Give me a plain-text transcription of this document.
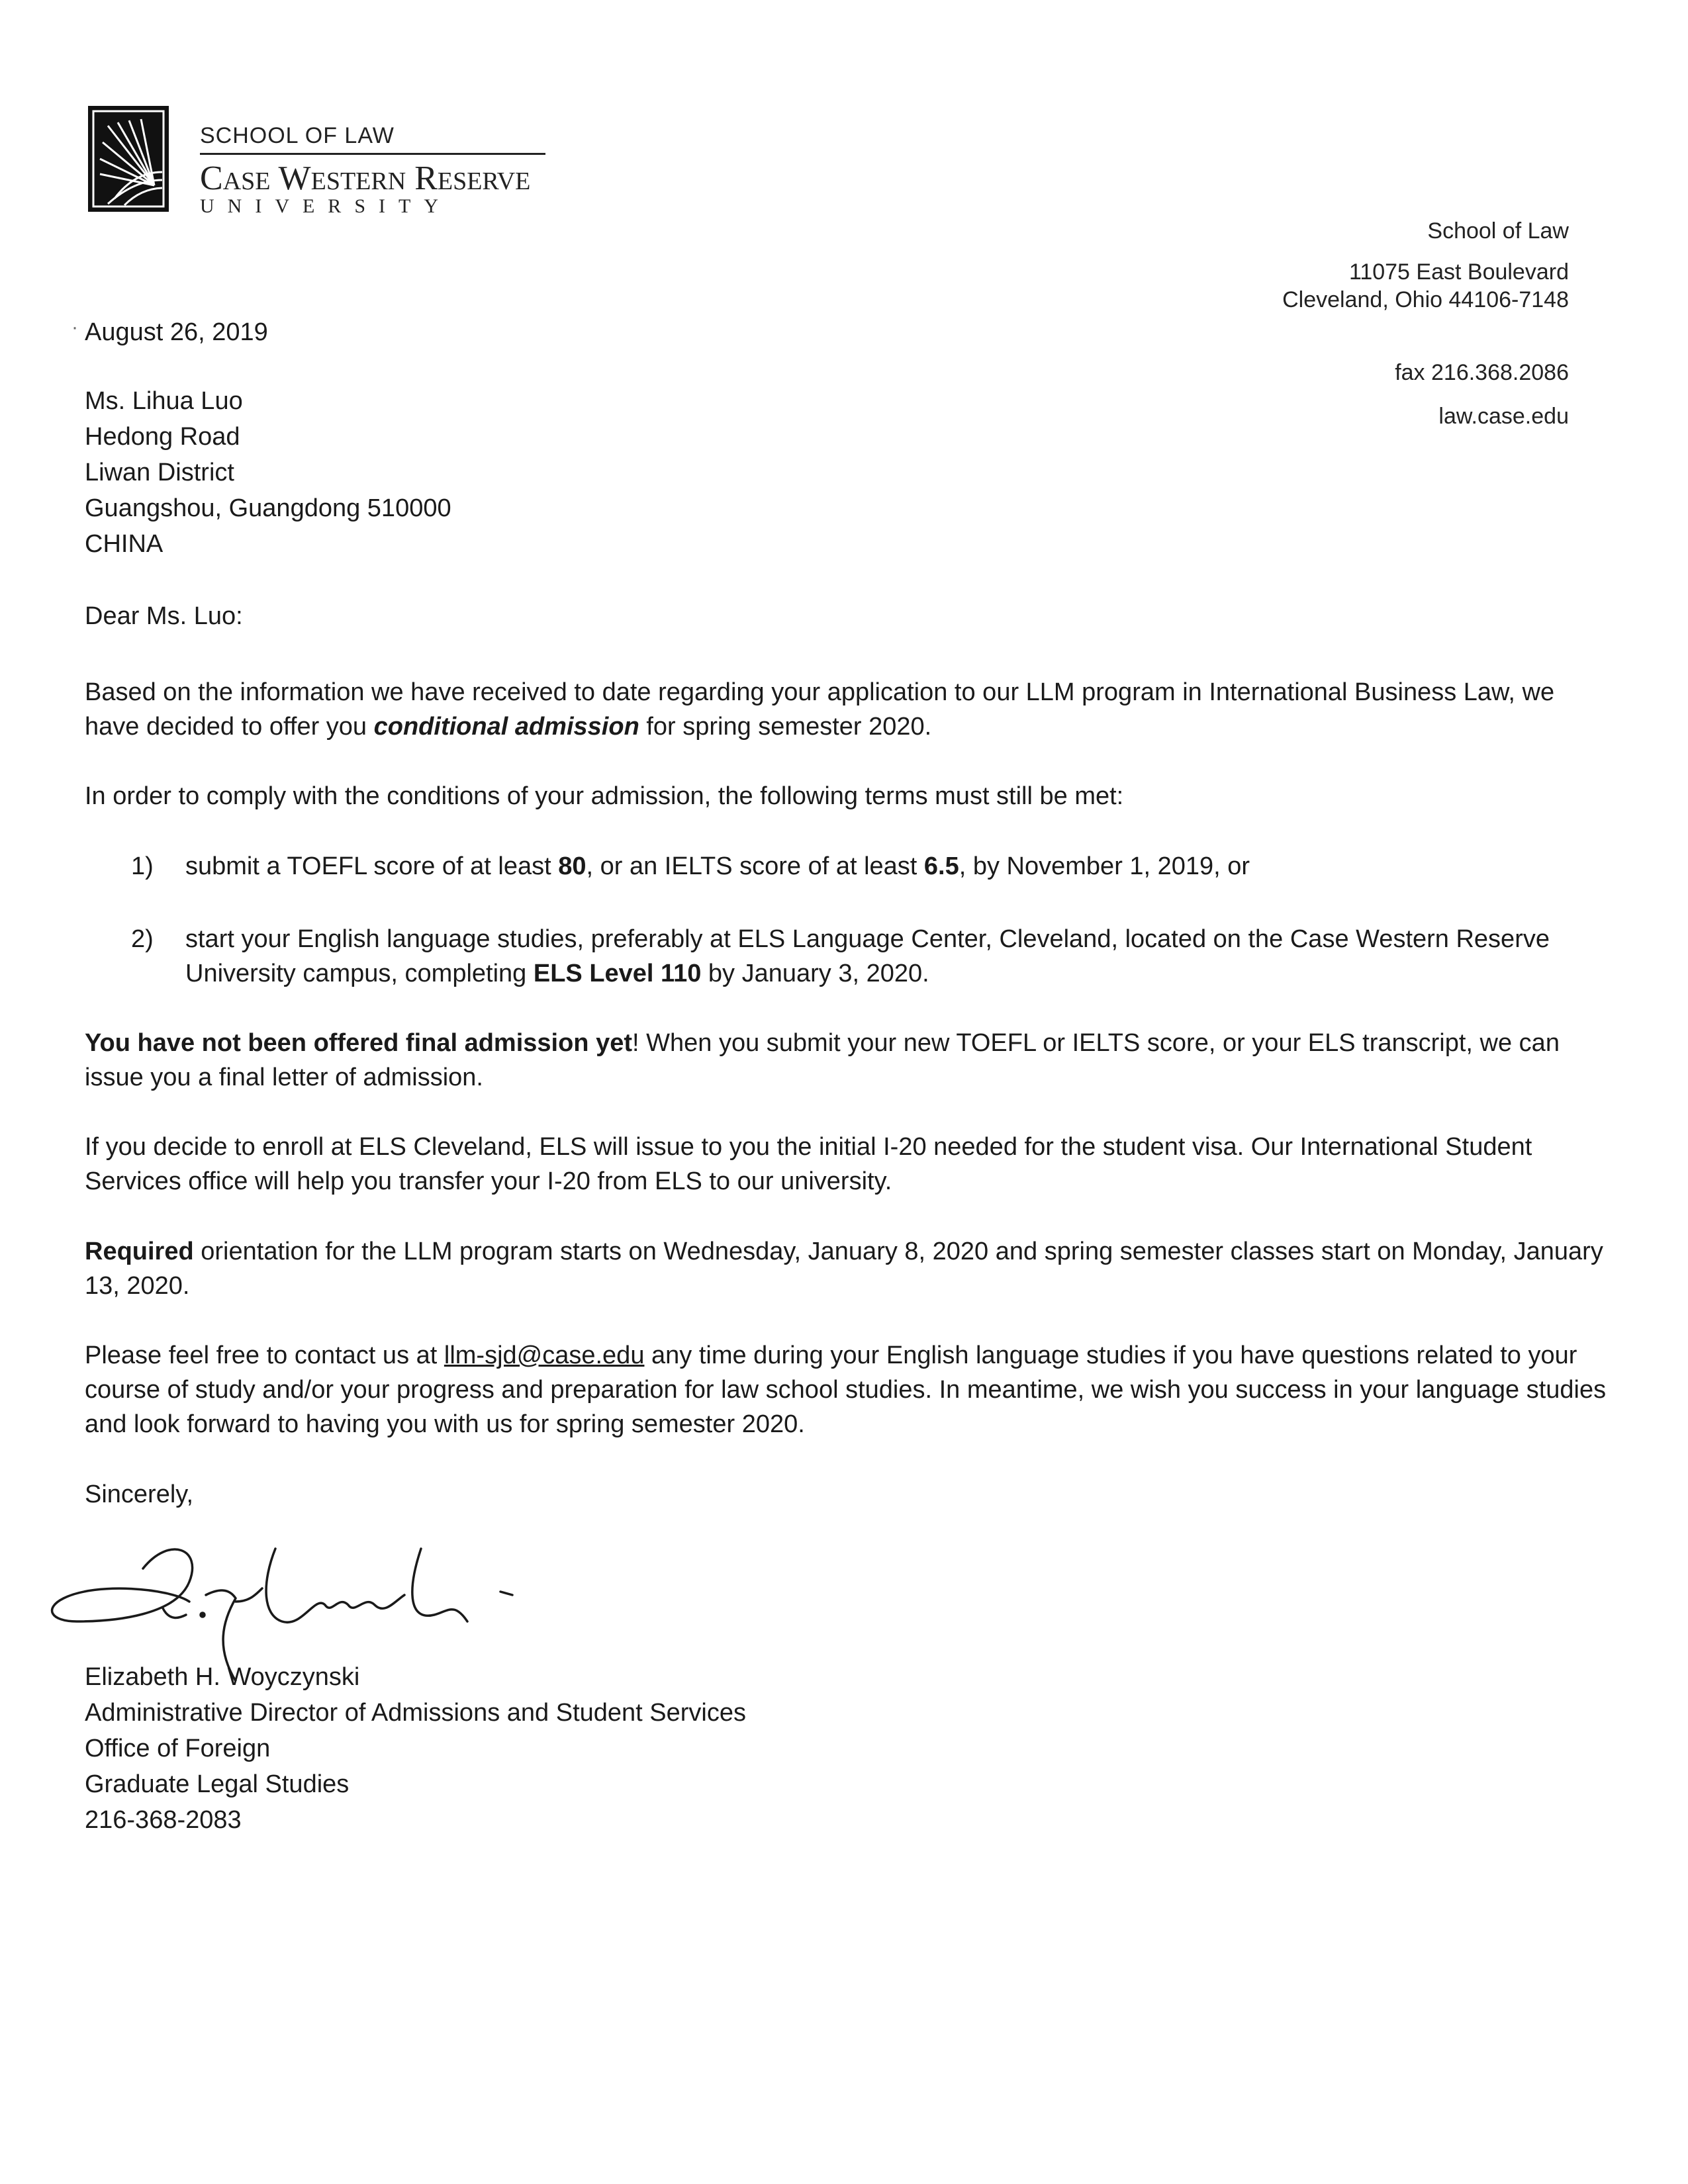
SCHOOL OF LAW
CASE WESTERN RESERVE
UNIVERSITY
School of Law
11075 East Boulevard
Cleveland, Ohio 44106-7148
fax 216.368.2086
law.case.edu
· August 26, 2019
Ms. Lihua Luo
Hedong Road
Liwan District
Guangshou, Guangdong 510000
CHINA
Dear Ms. Luo:
Based on the information we have received to date regarding your application to our LLM program in International Business Law, we have decided to offer you conditional admission for spring semester 2020.
In order to comply with the conditions of your admission, the following terms must still be met:
1) submit a TOEFL score of at least 80, or an IELTS score of at least 6.5, by November 1, 2019, or
2) start your English language studies, preferably at ELS Language Center, Cleveland, located on the Case Western Reserve University campus, completing ELS Level 110 by January 3, 2020.
You have not been offered final admission yet! When you submit your new TOEFL or IELTS score, or your ELS transcript, we can issue you a final letter of admission.
If you decide to enroll at ELS Cleveland, ELS will issue to you the initial I-20 needed for the student visa. Our International Student Services office will help you transfer your I-20 from ELS to our university.
Required orientation for the LLM program starts on Wednesday, January 8, 2020 and spring semester classes start on Monday, January 13, 2020.
Please feel free to contact us at llm-sjd@case.edu any time during your English language studies if you have questions related to your course of study and/or your progress and preparation for law school studies. In meantime, we wish you success in your language studies and look forward to having you with us for spring semester 2020.
Sincerely,
Elizabeth H. Woyczynski
Administrative Director of Admissions and Student Services
Office of Foreign
Graduate Legal Studies
216-368-2083
